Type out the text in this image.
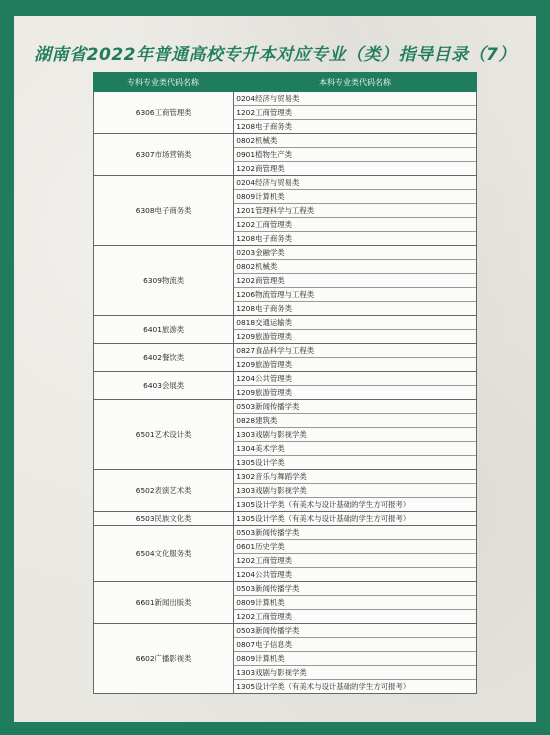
湖南省2022年普通高校专升本对应专业（类）指导目录（7）
专科专业类代码名称	本科专业类代码名称
6306工商管理类
0204经济与贸易类
1202工商管理类
1208电子商务类
6307市场营销类
0802机械类
0901植物生产类
1202商管理类
6308电子商务类
0204经济与贸易类
0809计算机类
1201管理科学与工程类
1202工商管理类
1208电子商务类
6309物流类
0203金融学类
0802机械类
1202商管理类
1206物流管理与工程类
1208电子商务类
6401旅游类
0818交通运输类
1209旅游管理类
6402餐饮类
0827食品科学与工程类
1209旅游管理类
6403会展类
1204公共管理类
1209旅游管理类
6501艺术设计类
0503新闻传播学类
0828建筑类
1303戏剧与影视学类
1304美术学类
1305设计学类
6502表演艺术类
1302音乐与舞蹈学类
1303戏剧与影视学类
1305设计学类（有美术与设计基础的学生方可报考）
6503民族文化类	1305设计学类（有美术与设计基础的学生方可报考）
6504文化服务类
0503新闻传播学类
0601历史学类
1202工商管理类
1204公共管理类
6601新闻出版类
0503新闻传播学类
0809计算机类
1202工商管理类
6602广播影视类
0503新闻传播学类
0807电子信息类
0809计算机类
1303戏剧与影视学类
1305设计学类（有美术与设计基础的学生方可报考）
